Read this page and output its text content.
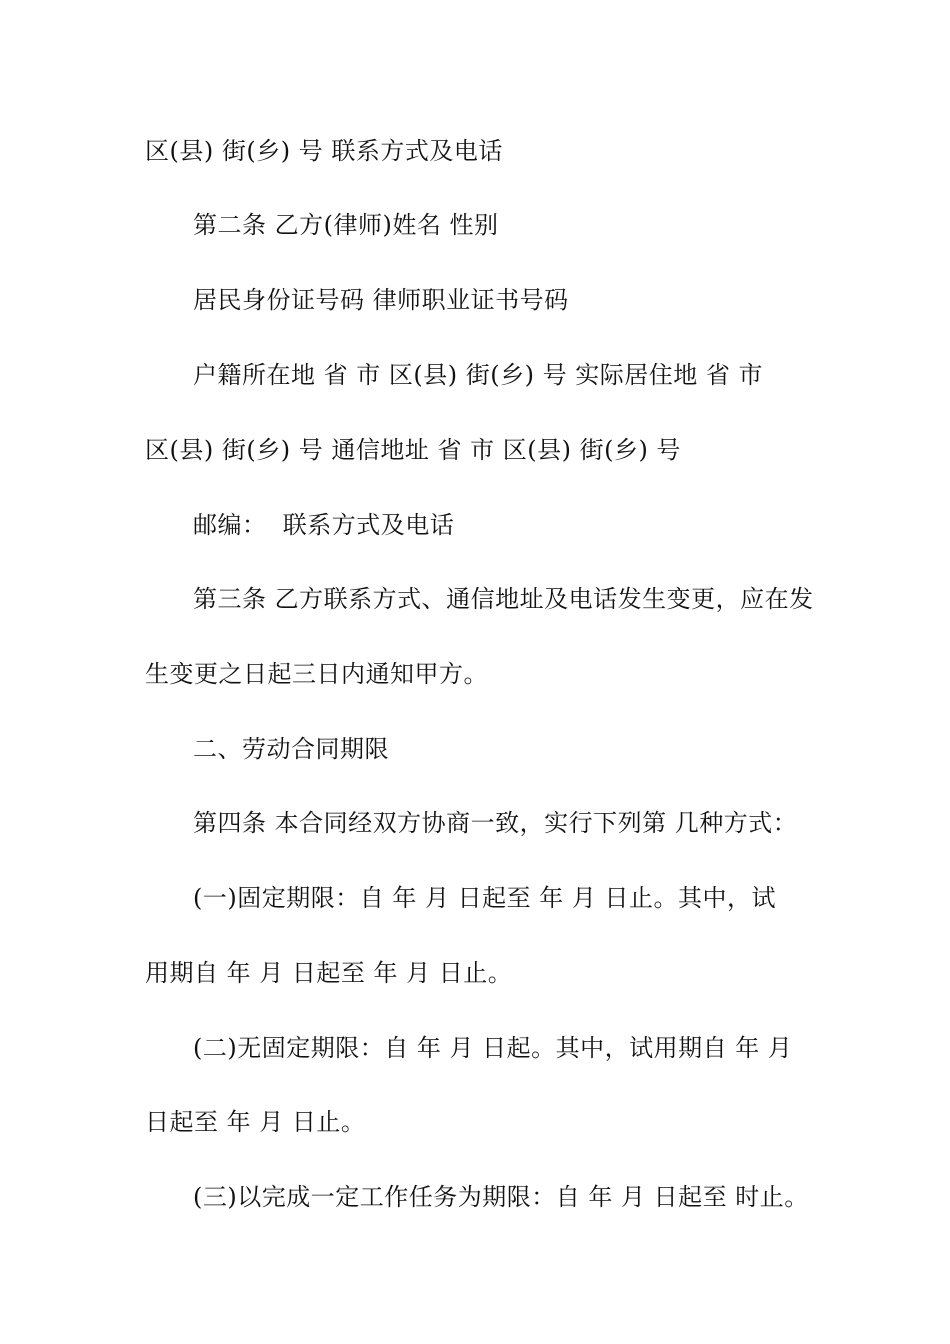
区(县) 街(乡) 号 联系方式及电话
第二条 乙方(律师)姓名 性别
居民身份证号码 律师职业证书号码
户籍所在地 省 市 区(县) 街(乡) 号 实际居住地 省 市
区(县) 街(乡) 号 通信地址 省 市 区(县) 街(乡) 号
邮编：  联系方式及电话
第三条 乙方联系方式、通信地址及电话发生变更，应在发
生变更之日起三日内通知甲方。
二、劳动合同期限
第四条 本合同经双方协商一致，实行下列第 几种方式：
(一)固定期限：自 年 月 日起至 年 月 日止。其中，试
用期自 年 月 日起至 年 月 日止。
(二)无固定期限：自 年 月 日起。其中，试用期自 年 月
日起至 年 月 日止。
(三)以完成一定工作任务为期限：自 年 月 日起至 时止。
